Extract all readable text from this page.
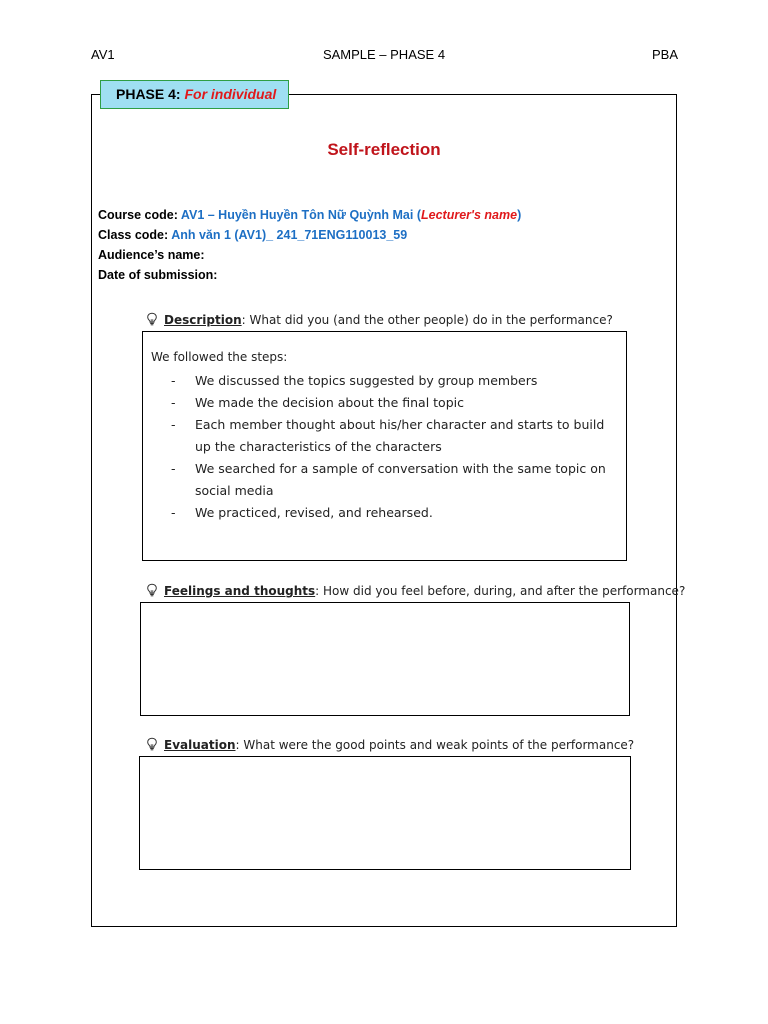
AV1	SAMPLE – PHASE 4	PBA
PHASE 4: For individual
Self-reflection
Course code: AV1 – Huyền Huyền Tôn Nữ Quỳnh Mai (Lecturer's name)
Class code: Anh văn 1 (AV1)_ 241_71ENG110013_59
Audience’s name:
Date of submission:
Description: What did you (and the other people) do in the performance?
We followed the steps:
- We discussed the topics suggested by group members
- We made the decision about the final topic
- Each member thought about his/her character and starts to build up the characteristics of the characters
- We searched for a sample of conversation with the same topic on social media
- We practiced, revised, and rehearsed.
Feelings and thoughts: How did you feel before, during, and after the performance?
Evaluation: What were the good points and weak points of the performance?
